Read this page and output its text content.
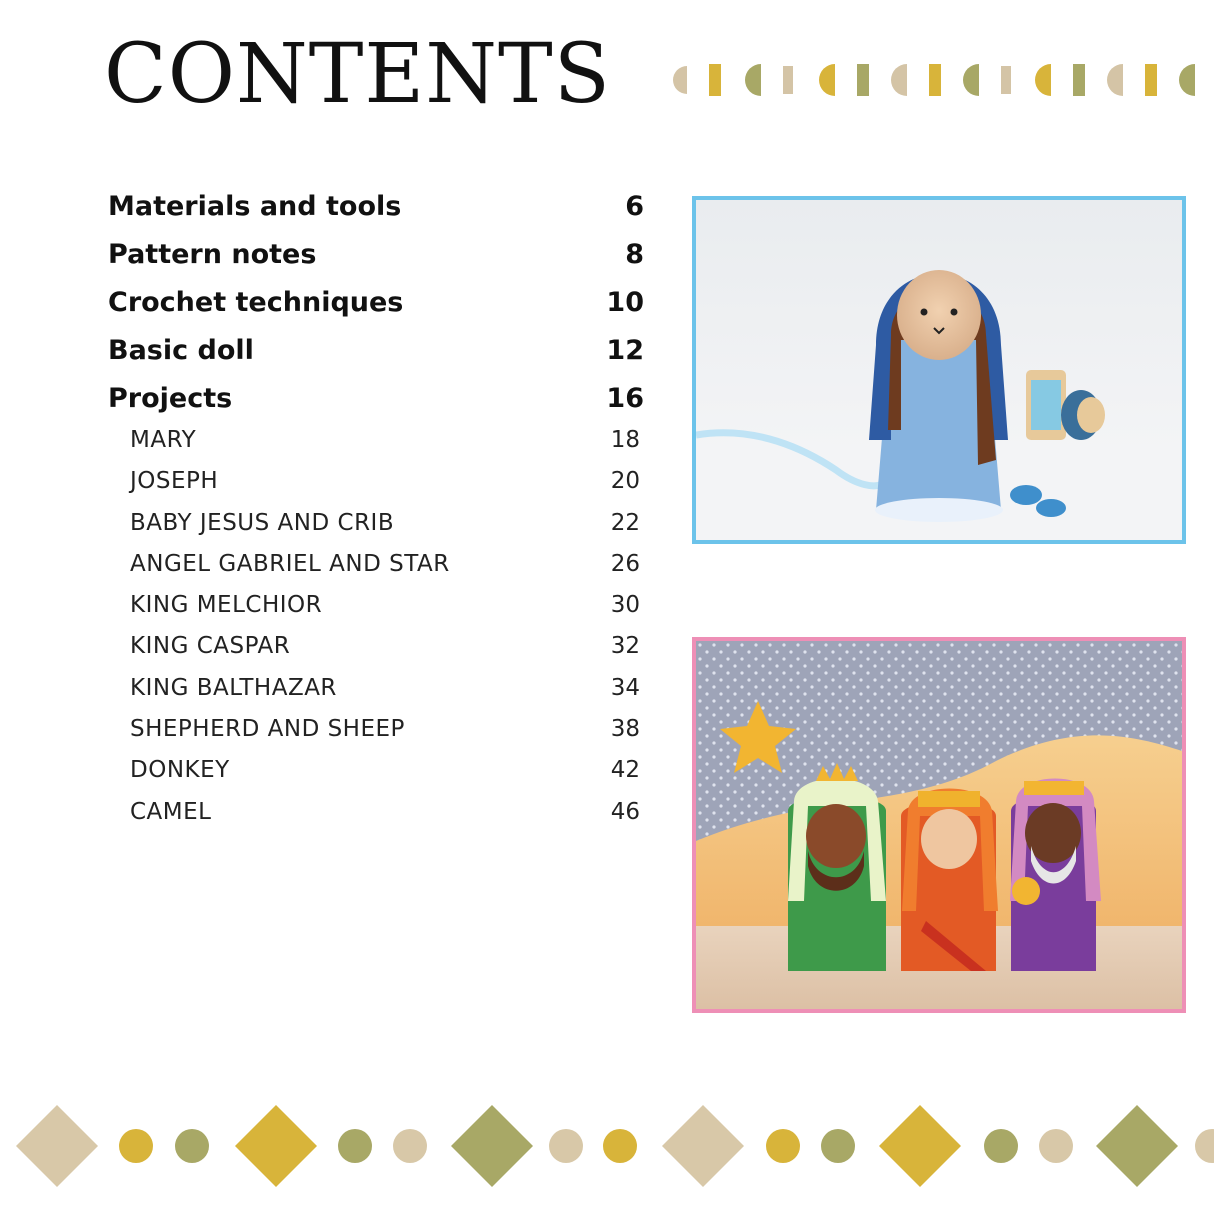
CONTENTS
Materials and tools	6
Pattern notes	8
Crochet techniques	10
Basic doll	12
Projects	16
MARY	18
JOSEPH	20
BABY JESUS AND CRIB	22
ANGEL GABRIEL AND STAR	26
KING MELCHIOR	30
KING CASPAR	32
KING BALTHAZAR	34
SHEPHERD AND SHEEP	38
DONKEY	42
CAMEL	46
